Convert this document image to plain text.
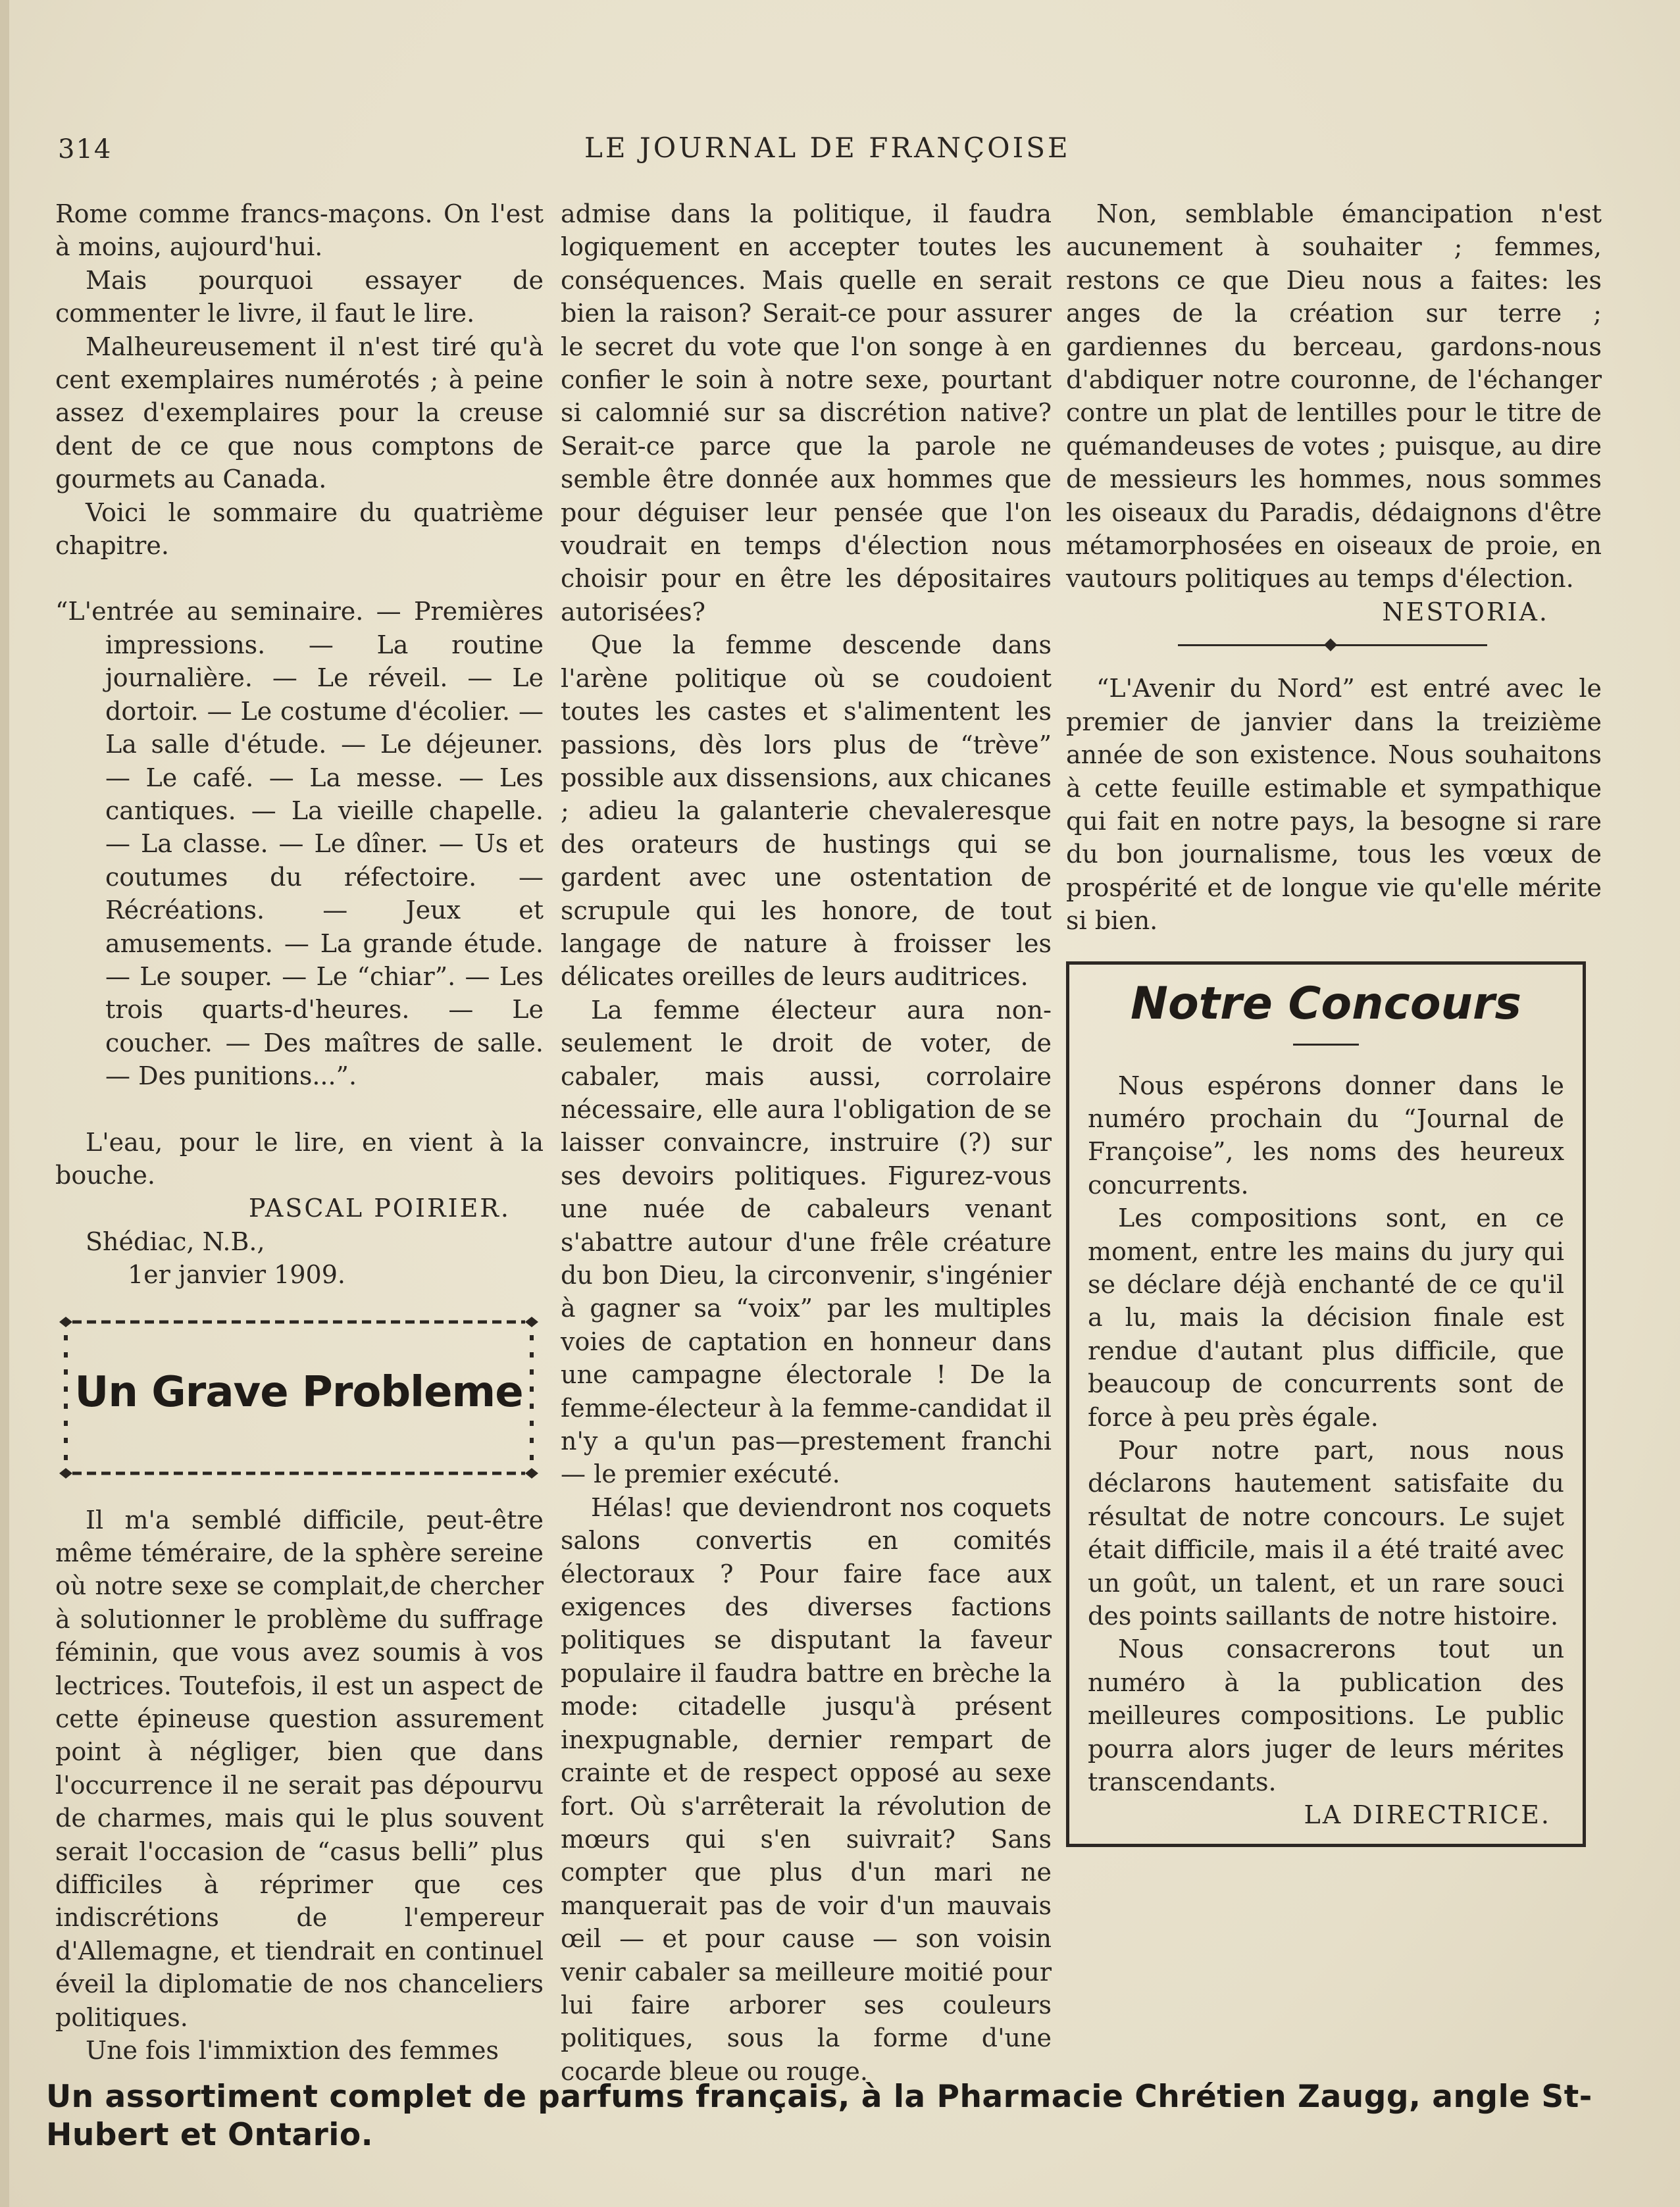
314	LE JOURNAL DE FRANÇOISE

Rome comme francs-maçons. On l'est à moins, aujourd'hui.

Mais pourquoi essayer de commenter le livre, il faut le lire.

Malheureusement il n'est tiré qu'à cent exemplaires numérotés ; à peine assez d'exemplaires pour la creuse dent de ce que nous comptons de gourmets au Canada.

Voici le sommaire du quatrième chapitre.

“L'entrée au seminaire. — Premières impressions. — La routine journalière. — Le réveil. — Le dortoir. — Le costume d'écolier. — La salle d'étude. — Le déjeuner. — Le café. — La messe. — Les cantiques. — La vieille chapelle. — La classe. — Le dîner. — Us et coutumes du réfectoire. — Récréations. — Jeux et amusements. — La grande étude. — Le souper. — Le “chiar”. — Les trois quarts-d'heures. — Le coucher. — Des maîtres de salle. — Des punitions...”.

L'eau, pour le lire, en vient à la bouche.

PASCAL POIRIER.

Shédiac, N.B.,

1er janvier 1909.

Un Grave Probleme

Il m'a semblé difficile, peut-être même téméraire, de la sphère sereine où notre sexe se complait,de chercher à solutionner le problème du suffrage féminin, que vous avez soumis à vos lectrices. Toutefois, il est un aspect de cette épineuse question assurement point à négliger, bien que dans l'occurrence il ne serait pas dépourvu de charmes, mais qui le plus souvent serait l'occasion de “casus belli” plus difficiles à réprimer que ces indiscrétions de l'empereur d'Allemagne, et tiendrait en continuel éveil la diplomatie de nos chanceliers politiques.

Une fois l'immixtion des femmes

admise dans la politique, il faudra logiquement en accepter toutes les conséquences. Mais quelle en serait bien la raison? Serait-ce pour assurer le secret du vote que l'on songe à en confier le soin à notre sexe, pourtant si calomnié sur sa discrétion native? Serait-ce parce que la parole ne semble être donnée aux hommes que pour déguiser leur pensée que l'on voudrait en temps d'élection nous choisir pour en être les dépositaires autorisées?

Que la femme descende dans l'arène politique où se coudoient toutes les castes et s'alimentent les passions, dès lors plus de “trève” possible aux dissensions, aux chicanes ; adieu la galanterie chevaleresque des orateurs de hustings qui se gardent avec une ostentation de scrupule qui les honore, de tout langage de nature à froisser les délicates oreilles de leurs auditrices.

La femme électeur aura non-seulement le droit de voter, de cabaler, mais aussi, corrolaire nécessaire, elle aura l'obligation de se laisser convaincre, instruire (?) sur ses devoirs politiques. Figurez-vous une nuée de cabaleurs venant s'abattre autour d'une frêle créature du bon Dieu, la circonvenir, s'ingénier à gagner sa “voix” par les multiples voies de captation en honneur dans une campagne électorale ! De la femme-électeur à la femme-candidat il n'y a qu'un pas—prestement franchi — le premier exécuté.

Hélas! que deviendront nos coquets salons convertis en comités électoraux ? Pour faire face aux exigences des diverses factions politiques se disputant la faveur populaire il faudra battre en brèche la mode: citadelle jusqu'à présent inexpugnable, dernier rempart de crainte et de respect opposé au sexe fort. Où s'arrêterait la révolution de mœurs qui s'en suivrait? Sans compter que plus d'un mari ne manquerait pas de voir d'un mauvais œil — et pour cause — son voisin venir cabaler sa meilleure moitié pour lui faire arborer ses couleurs politiques, sous la forme d'une cocarde bleue ou rouge.

Non, semblable émancipation n'est aucunement à souhaiter ; femmes, restons ce que Dieu nous a faites: les anges de la création sur terre ; gardiennes du berceau, gardons-nous d'abdiquer notre couronne, de l'échanger contre un plat de lentilles pour le titre de quémandeuses de votes ; puisque, au dire de messieurs les hommes, nous sommes les oiseaux du Paradis, dédaignons d'être métamorphosées en oiseaux de proie, en vautours politiques au temps d'élection.

NESTORIA.

“L'Avenir du Nord” est entré avec le premier de janvier dans la treizième année de son existence. Nous souhaitons à cette feuille estimable et sympathique qui fait en notre pays, la besogne si rare du bon journalisme, tous les vœux de prospérité et de longue vie qu'elle mérite si bien.

Notre Concours

Nous espérons donner dans le numéro prochain du “Journal de Françoise”, les noms des heureux concurrents.

Les compositions sont, en ce moment, entre les mains du jury qui se déclare déjà enchanté de ce qu'il a lu, mais la décision finale est rendue d'autant plus difficile, que beaucoup de concurrents sont de force à peu près égale.

Pour notre part, nous nous déclarons hautement satisfaite du résultat de notre concours. Le sujet était difficile, mais il a été traité avec un goût, un talent, et un rare souci des points saillants de notre histoire.

Nous consacrerons tout un numéro à la publication des meilleures compositions. Le public pourra alors juger de leurs mérites transcendants.

LA DIRECTRICE.

Un assortiment complet de parfums français, à la Pharmacie Chrétien Zaugg, angle St-Hubert et Ontario.
